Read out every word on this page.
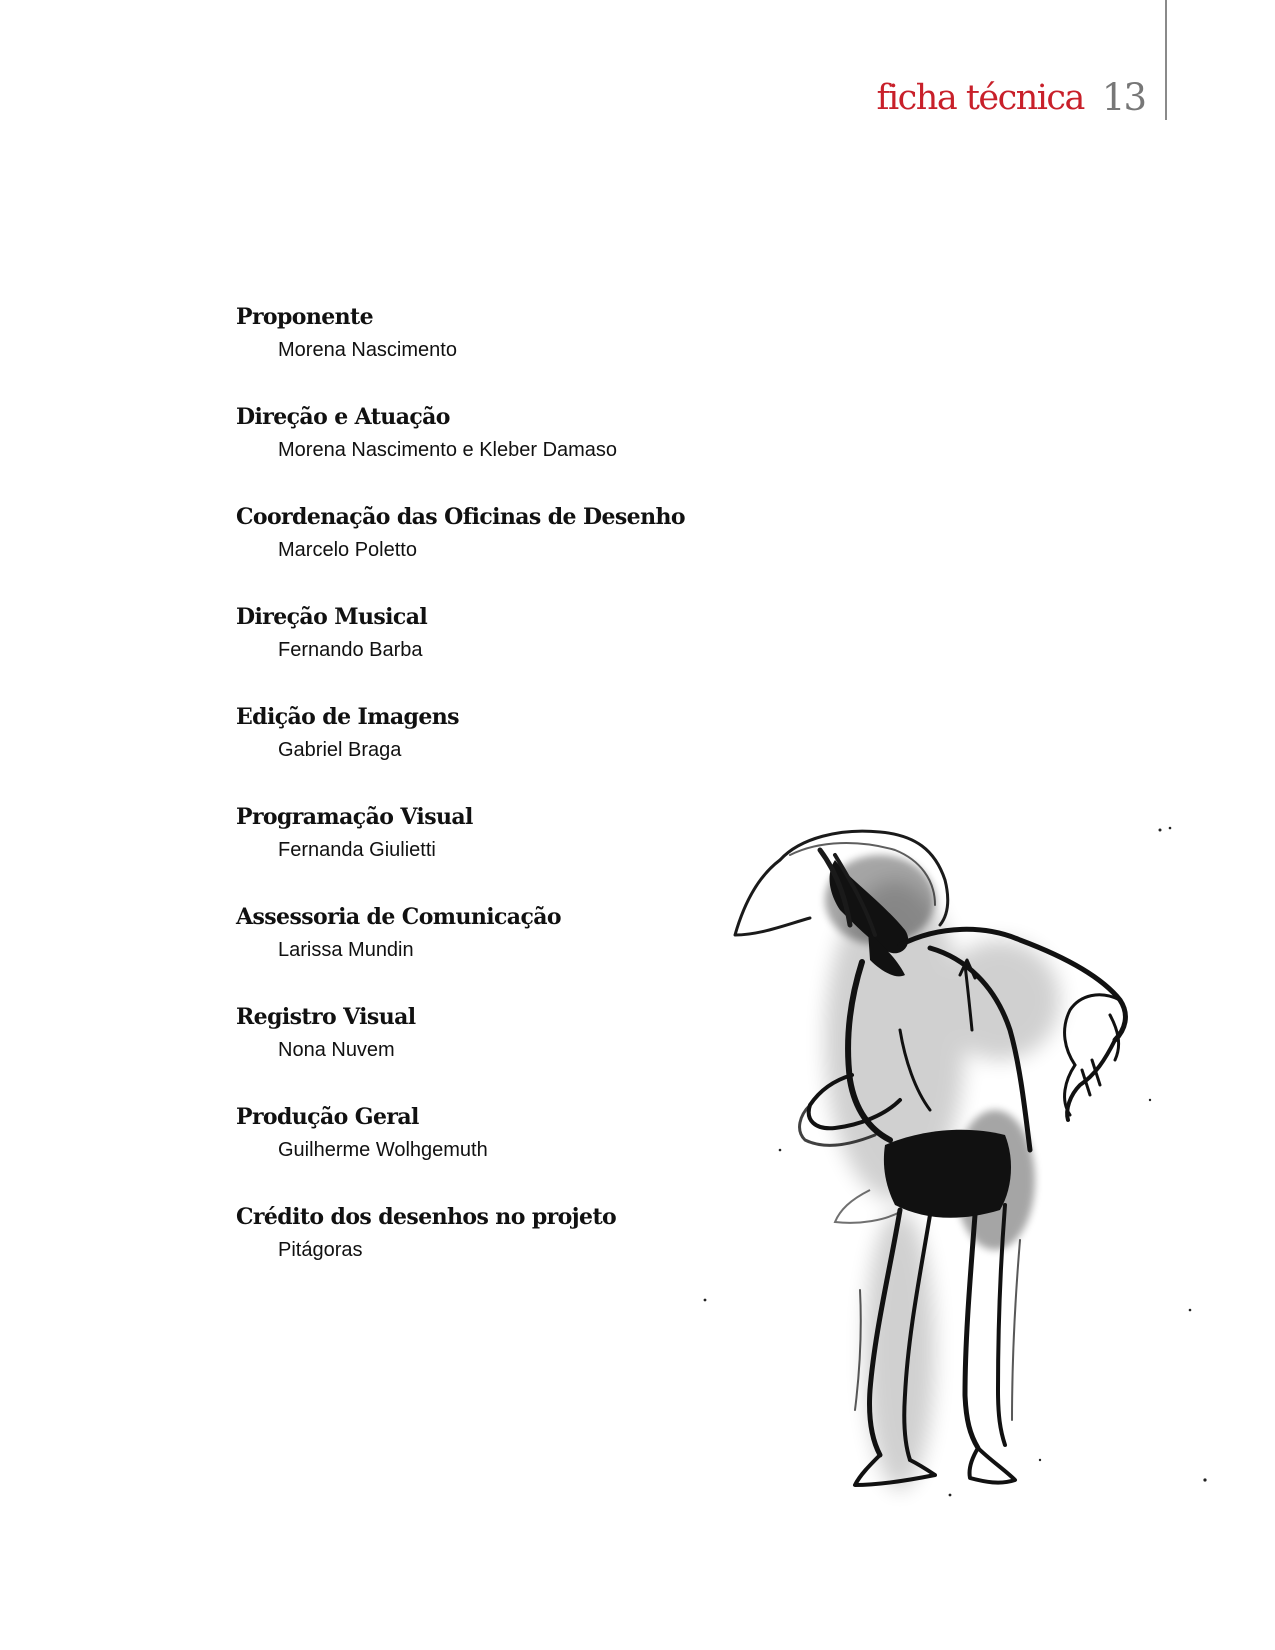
ficha técnica 13

Proponente

Morena Nascimento

Direção e Atuação

Morena Nascimento e Kleber Damaso

Coordenação das Oficinas de Desenho

Marcelo Poletto

Direção Musical

Fernando Barba

Edição de Imagens

Gabriel Braga

Programação Visual

Fernanda Giulietti

Assessoria de Comunicação

Larissa Mundin

Registro Visual

Nona Nuvem

Produção Geral

Guilherme Wolhgemuth

Crédito dos desenhos no projeto

Pitágoras
